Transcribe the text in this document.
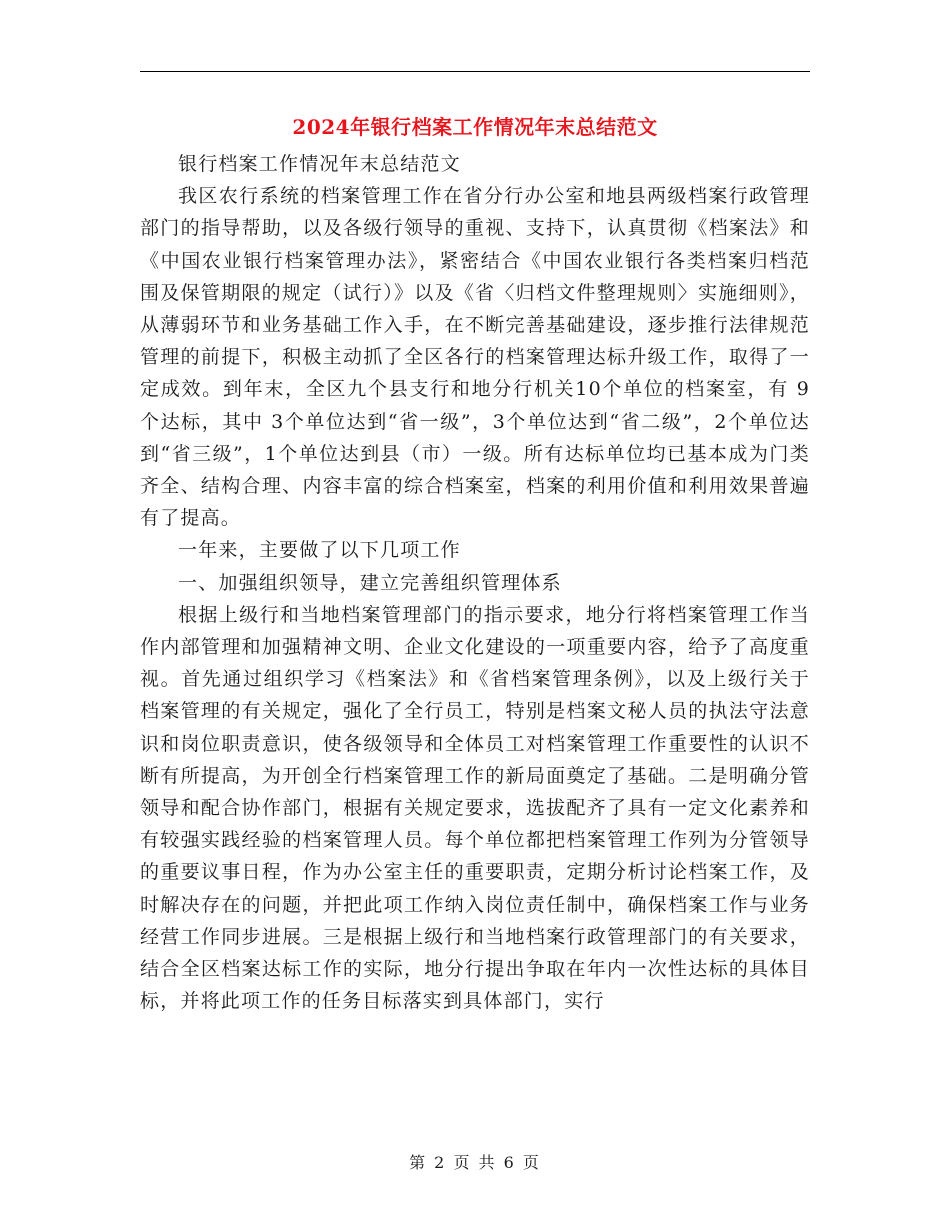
2024年银行档案工作情况年末总结范文

银行档案工作情况年末总结范文

我区农行系统的档案管理工作在省分行办公室和地县两级档案行政管理部门的指导帮助，以及各级行领导的重视、支持下，认真贯彻《档案法》和《中国农业银行档案管理办法》，紧密结合《中国农业银行各类档案归档范围及保管期限的规定（试行）》以及《省〈归档文件整理规则〉实施细则》，从薄弱环节和业务基础工作入手，在不断完善基础建设，逐步推行法律规范管理的前提下，积极主动抓了全区各行的档案管理达标升级工作，取得了一定成效。到年末，全区九个县支行和地分行机关10个单位的档案室，有 9个达标，其中 3个单位达到“省一级”，3个单位达到“省二级”，2个单位达到“省三级”，1个单位达到县（市）一级。所有达标单位均已基本成为门类齐全、结构合理、内容丰富的综合档案室，档案的利用价值和利用效果普遍有了提高。

一年来，主要做了以下几项工作

一、加强组织领导，建立完善组织管理体系

根据上级行和当地档案管理部门的指示要求，地分行将档案管理工作当作内部管理和加强精神文明、企业文化建设的一项重要内容，给予了高度重视。首先通过组织学习《档案法》和《省档案管理条例》，以及上级行关于档案管理的有关规定，强化了全行员工，特别是档案文秘人员的执法守法意识和岗位职责意识，使各级领导和全体员工对档案管理工作重要性的认识不断有所提高，为开创全行档案管理工作的新局面奠定了基础。二是明确分管领导和配合协作部门，根据有关规定要求，选拔配齐了具有一定文化素养和有较强实践经验的档案管理人员。每个单位都把档案管理工作列为分管领导的重要议事日程，作为办公室主任的重要职责，定期分析讨论档案工作，及时解决存在的问题，并把此项工作纳入岗位责任制中，确保档案工作与业务经营工作同步进展。三是根据上级行和当地档案行政管理部门的有关要求，结合全区档案达标工作的实际，地分行提出争取在年内一次性达标的具体目标，并将此项工作的任务目标落实到具体部门，实行

第 2 页 共 6 页
